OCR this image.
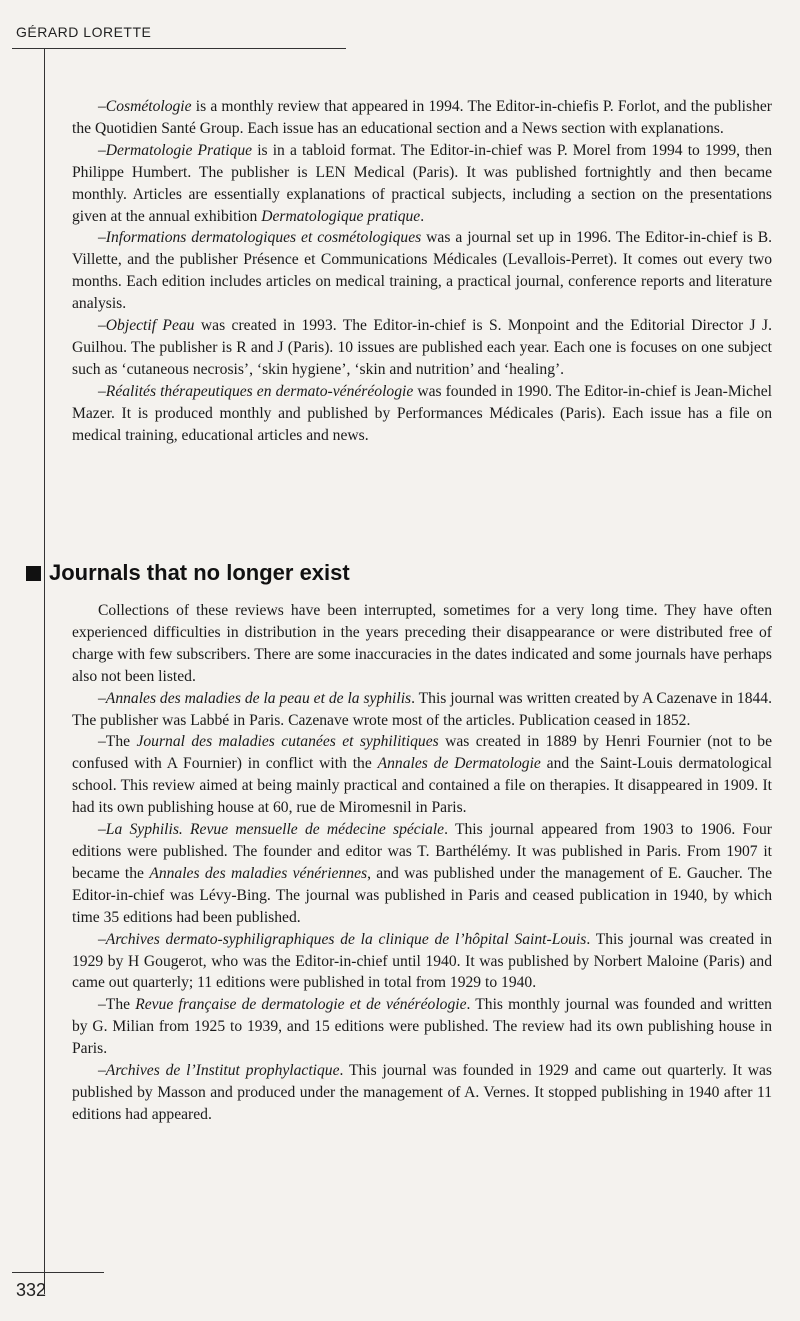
GÉRARD LORETTE

–Cosmétologie is a monthly review that appeared in 1994. The Editor-in-chiefis P. Forlot, and the publisher the Quotidien Santé Group. Each issue has an educational section and a News section with explanations.

–Dermatologie Pratique is in a tabloid format. The Editor-in-chief was P. Morel from 1994 to 1999, then Philippe Humbert. The publisher is LEN Medical (Paris). It was published fortnightly and then became monthly. Articles are essentially explanations of practical subjects, including a section on the presentations given at the annual exhibition Dermatologique pratique.

–Informations dermatologiques et cosmétologiques was a journal set up in 1996. The Editor-in-chief is B. Villette, and the publisher Présence et Communications Médicales (Levallois-Perret). It comes out every two months. Each edition includes articles on medical training, a practical journal, conference reports and literature analysis.

–Objectif Peau was created in 1993. The Editor-in-chief is S. Monpoint and the Editorial Director J J. Guilhou. The publisher is R and J (Paris). 10 issues are published each year. Each one is focuses on one subject such as ‘cutaneous necrosis’, ‘skin hygiene’, ‘skin and nutrition’ and ‘healing’.

–Réalités thérapeutiques en dermato-vénéréologie was founded in 1990. The Editor-in-chief is Jean-Michel Mazer. It is produced monthly and published by Performances Médicales (Paris). Each issue has a file on medical training, educational articles and news.

Journals that no longer exist

Collections of these reviews have been interrupted, sometimes for a very long time. They have often experienced difficulties in distribution in the years preceding their disappearance or were distributed free of charge with few subscribers. There are some inaccuracies in the dates indicated and some journals have perhaps also not been listed.

–Annales des maladies de la peau et de la syphilis. This journal was written created by A Cazenave in 1844. The publisher was Labbé in Paris. Cazenave wrote most of the articles. Publication ceased in 1852.

–The Journal des maladies cutanées et syphilitiques was created in 1889 by Henri Fournier (not to be confused with A Fournier) in conflict with the Annales de Dermatologie and the Saint-Louis dermatological school. This review aimed at being mainly practical and contained a file on therapies. It disappeared in 1909. It had its own publishing house at 60, rue de Miromesnil in Paris.

–La Syphilis. Revue mensuelle de médecine spéciale. This journal appeared from 1903 to 1906. Four editions were published. The founder and editor was T. Barthélémy. It was published in Paris. From 1907 it became the Annales des maladies vénériennes, and was published under the management of E. Gaucher. The Editor-in-chief was Lévy-Bing. The journal was published in Paris and ceased publication in 1940, by which time 35 editions had been published.

–Archives dermato-syphiligraphiques de la clinique de l’hôpital Saint-Louis. This journal was created in 1929 by H Gougerot, who was the Editor-in-chief until 1940. It was published by Norbert Maloine (Paris) and came out quarterly; 11 editions were published in total from 1929 to 1940.

–The Revue française de dermatologie et de vénéréologie. This monthly journal was founded and written by G. Milian from 1925 to 1939, and 15 editions were published. The review had its own publishing house in Paris.

–Archives de l’Institut prophylactique. This journal was founded in 1929 and came out quarterly. It was published by Masson and produced under the management of A. Vernes. It stopped publishing in 1940 after 11 editions had appeared.

332
